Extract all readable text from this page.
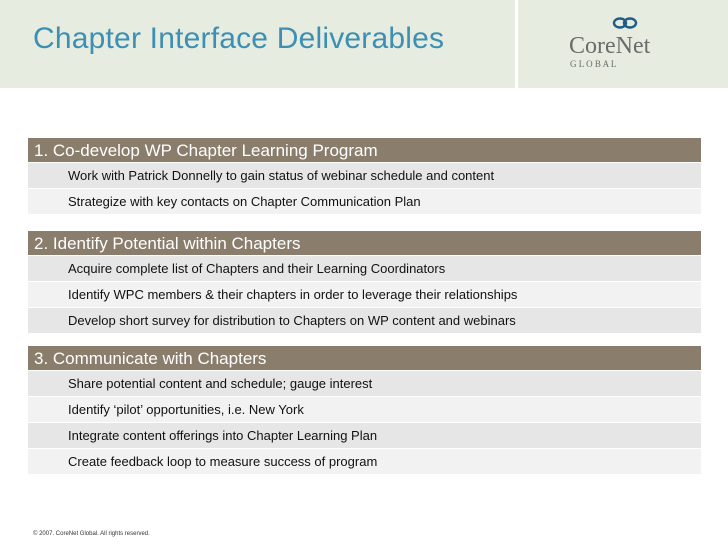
Chapter Interface Deliverables	CoreNet
G L O B A L
1. Co-develop WP Chapter Learning Program
Work with Patrick Donnelly to gain status of webinar schedule and content
Strategize with key contacts on Chapter Communication Plan
2. Identify Potential within Chapters
Acquire complete list of Chapters and their Learning Coordinators
Identify WPC members & their chapters in order to leverage their relationships
Develop short survey for distribution to Chapters on WP content and webinars
3. Communicate with Chapters
Share potential content and schedule; gauge interest
Identify ‘pilot’ opportunities, i.e. New York
Integrate content offerings into Chapter Learning Plan
Create feedback loop to measure success of program
© 2007. CoreNet Global. All rights reserved.
